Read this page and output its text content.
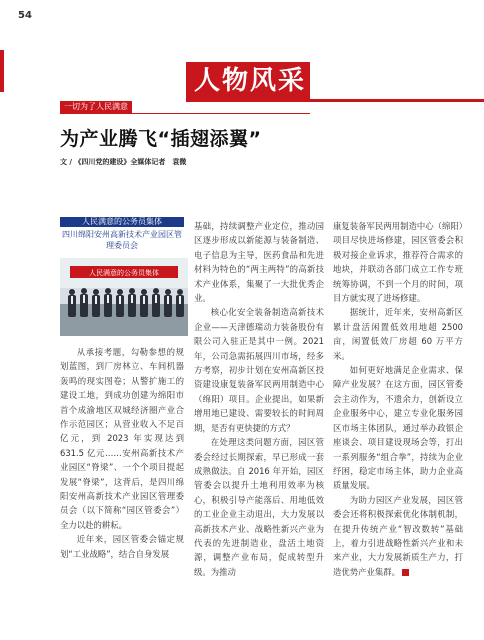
54
人物风采
一切为了人民满意
为产业腾飞“插翅添翼”
文 / 《四川党的建设》全媒体记者　袁微
人民满意的公务员集体
四川绵阳安州高新技术产业园区管理委员会
人民满意的公务员集体

从承接考题，勾勒参想的规划蓝图，到厂房林立、车间机器轰鸣的现实图卷；从警扩施工的建设工地，到成功创建为绵阳市首个成渝地区双城经济圈产业合作示范园区；从营业收入不足百亿元，到 2023 年实现达到 631.5 亿元……安州高新技术产业园区“脊梁”、一个个项目提起发展“脊梁”，这背后，是四川绵阳安州高新技术产业园区管理委员会（以下简称“园区管委会”）全力以赴的耕耘。

近年来，园区管委会锚定规划“工业战略”，结合自身发展

基础，持续调整产业定位，推动园区逐步形成以新能源与装备制造、电子信息为主导，医药食品和先进材料为特色的“两主两特”的高新技术产业体系，集聚了一大批优秀企业。

核心化安全装备制造高新技术企业——天津德瑞动力装备股份有限公司入驻正是其中一例。2021 年，公司急需拓展四川市场，经多方考察，初步计划在安州高新区投资建设康复装备军民两用制造中心（绵阳）项目。企业提出，如果新增用地已建设、需要较长的时间周期，是否有更快捷的方式？

在处理这类问题方面，园区管委会经过长期探索，早已形成一套成熟做法。自 2016 年开始，园区管委会以提升土地利用效率为核心，积极引导产能落后、用地低效的工业企业主动退出，大力发展以高新技术产业、战略性新兴产业为代表的先进制造业，盘活土地资源，调整产业布局，促成转型升级。为推动

康复装备军民两用制造中心（绵阳）项目尽快进场修建，园区管委会积极对接企业诉求，推荐符合需求的地块，并联动各部门成立工作专班统筹协调，不到一个月的时间，项目方就实现了进场修建。

据统计，近年来，安州高新区累计盘活闲置低效用地超 2500 亩，闲置低效厂房超 60 万平方米。

如何更好地满足企业需求、保障产业发展？在这方面，园区管委会主动作为，不遗余力，创新设立企业服务中心，建立专业化服务园区市场主体团队，通过举办政银企座谈会、项目建设现场会等，打出一系列服务“组合拳”，持续为企业纾困，稳定市场主体，助力企业高质量发展。

为助力园区产业发展，园区管委会还将积极探索优化体制机制，在提升传统产业“智改数转”基础上，着力引进战略性新兴产业和未来产业，大力发展新质生产力，打造优势产业集群。
